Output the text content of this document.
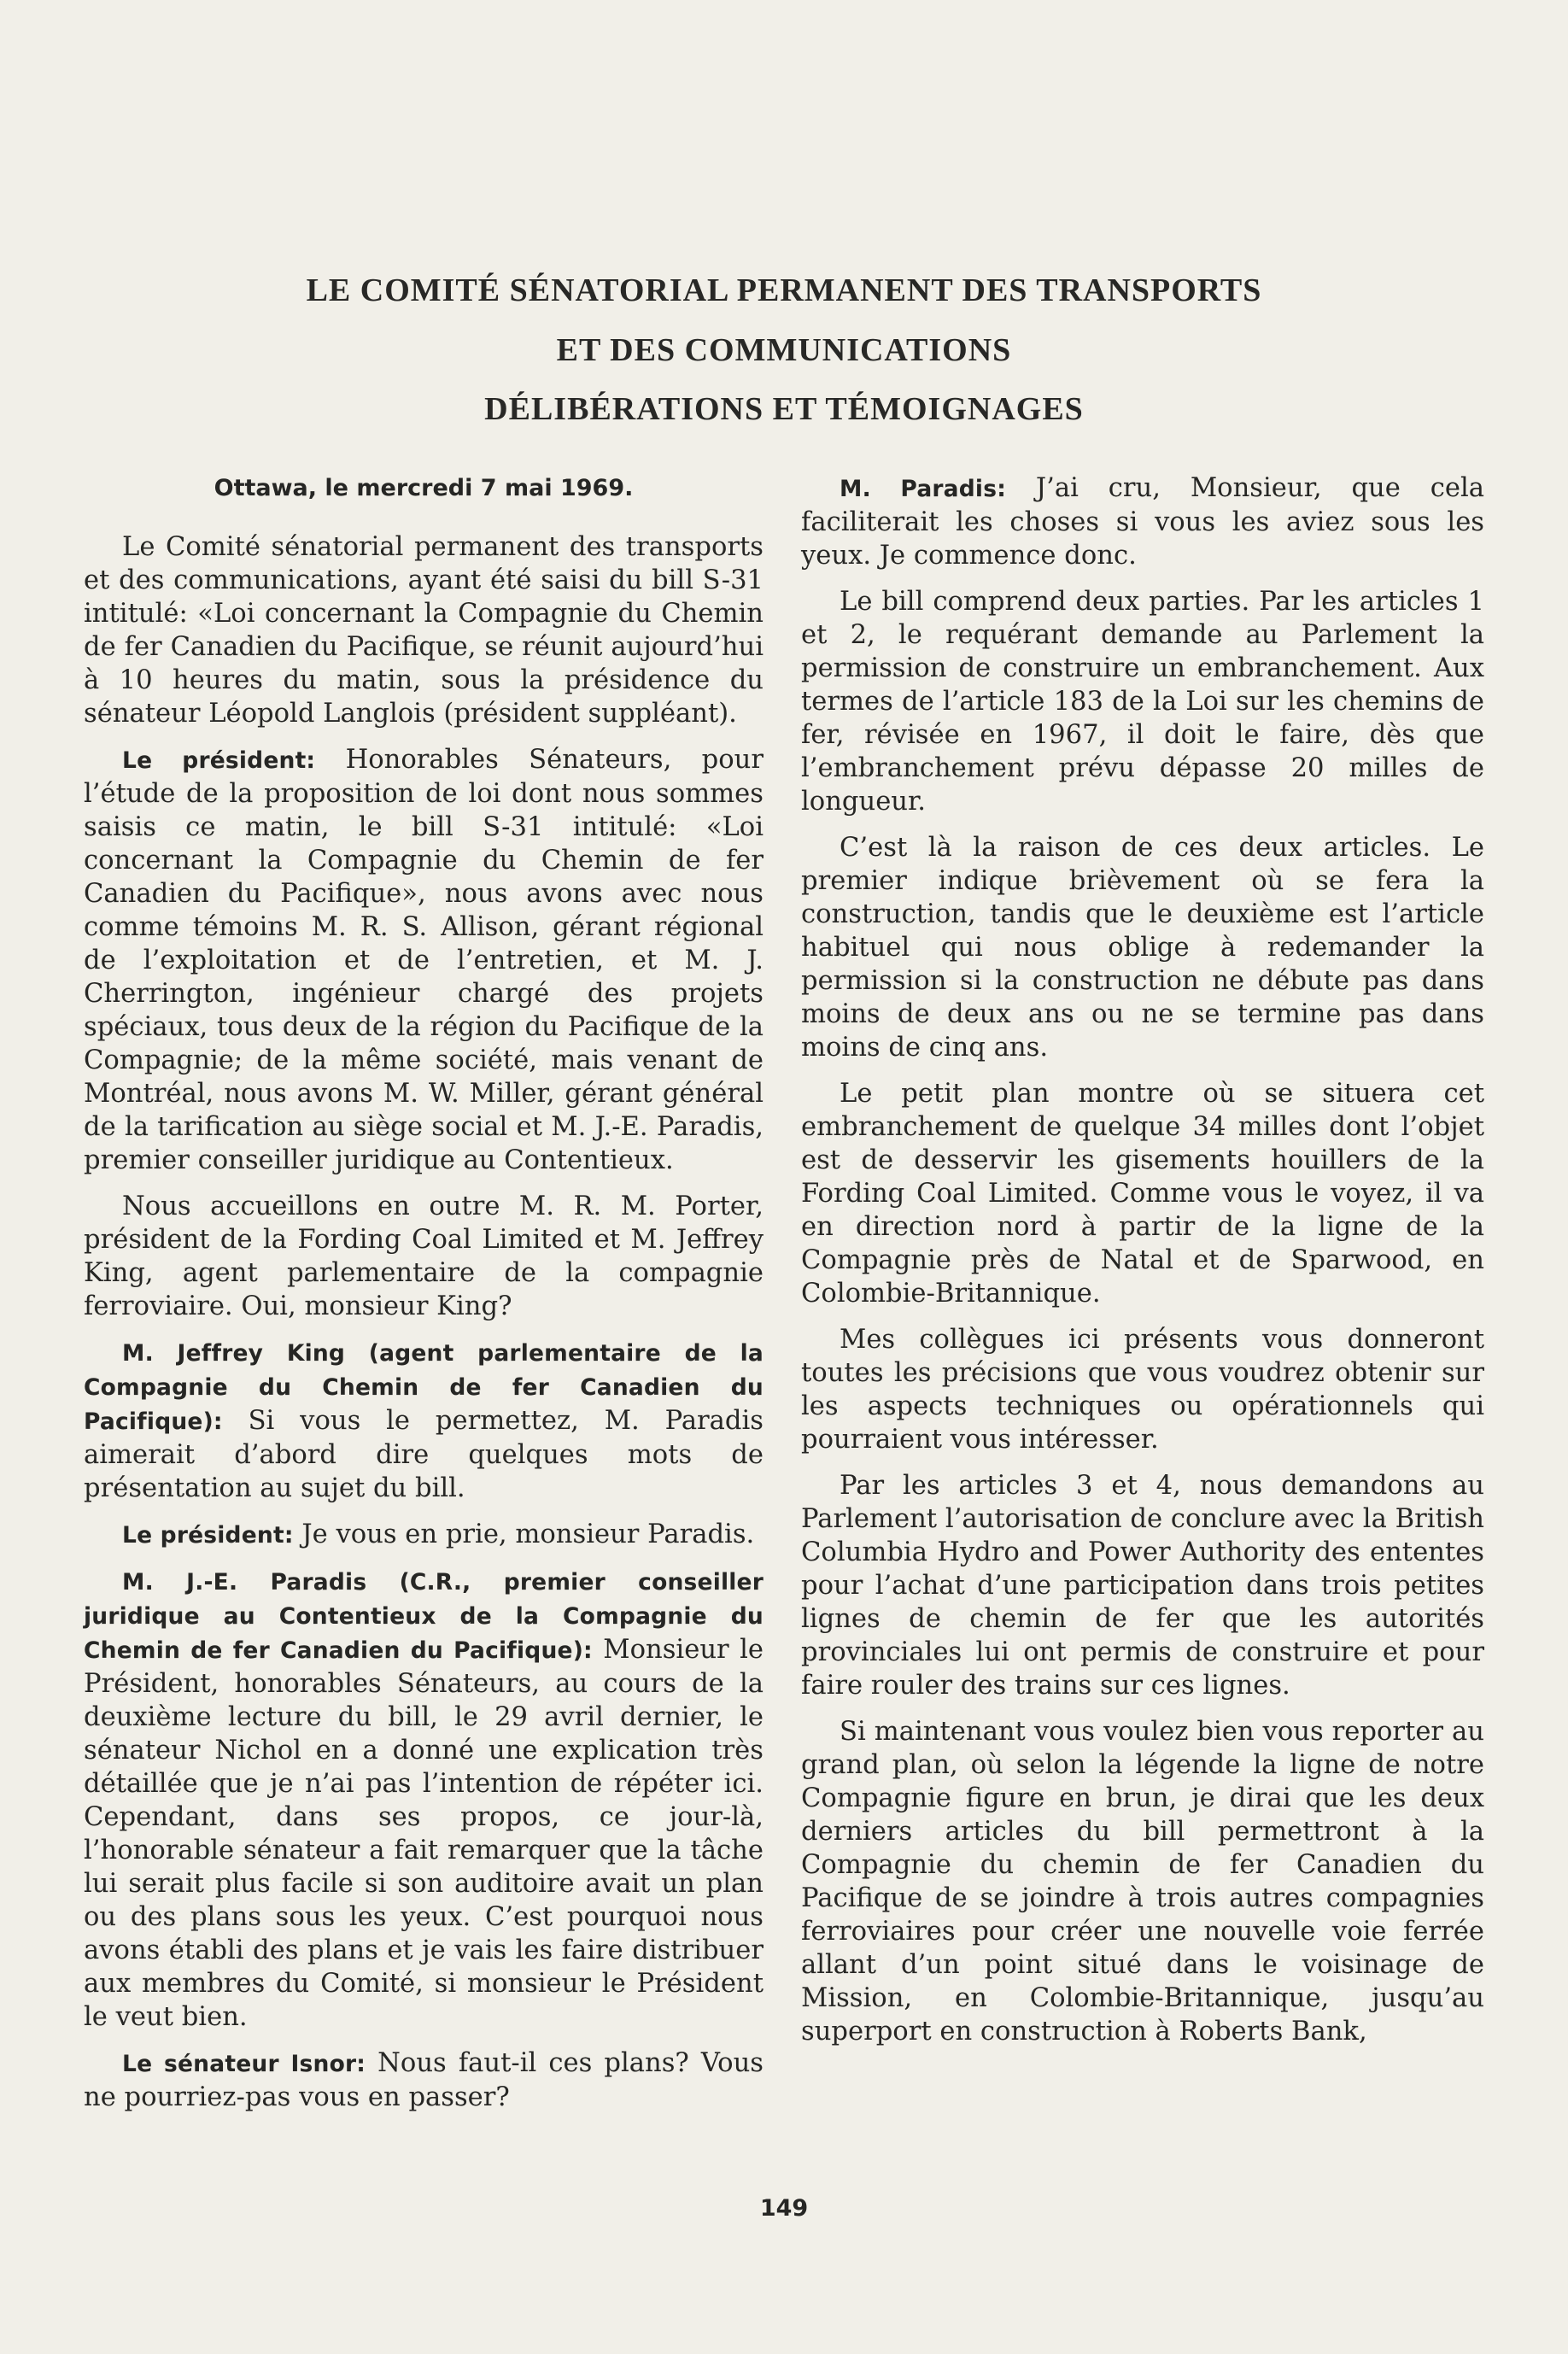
LE COMITÉ SÉNATORIAL PERMANENT DES TRANSPORTS
ET DES COMMUNICATIONS
DÉLIBÉRATIONS ET TÉMOIGNAGES

Ottawa, le mercredi 7 mai 1969.

Le Comité sénatorial permanent des transports et des communications, ayant été saisi du bill S-31 intitulé: «Loi concernant la Compagnie du Chemin de fer Canadien du Pacifique, se réunit aujourd’hui à 10 heures du matin, sous la présidence du sénateur Léopold Langlois (président suppléant).

Le président: Honorables Sénateurs, pour l’étude de la proposition de loi dont nous sommes saisis ce matin, le bill S-31 intitulé: «Loi concernant la Compagnie du Chemin de fer Canadien du Pacifique», nous avons avec nous comme témoins M. R. S. Allison, gérant régional de l’exploitation et de l’entretien, et M. J. Cherrington, ingénieur chargé des projets spéciaux, tous deux de la région du Pacifique de la Compagnie; de la même société, mais venant de Montréal, nous avons M. W. Miller, gérant général de la tarification au siège social et M. J.-E. Paradis, premier conseiller juridique au Contentieux.

Nous accueillons en outre M. R. M. Porter, président de la Fording Coal Limited et M. Jeffrey King, agent parlementaire de la compagnie ferroviaire. Oui, monsieur King?

M. Jeffrey King (agent parlementaire de la Compagnie du Chemin de fer Canadien du Pacifique): Si vous le permettez, M. Paradis aimerait d’abord dire quelques mots de présentation au sujet du bill.

Le président: Je vous en prie, monsieur Paradis.

M. J.-E. Paradis (C.R., premier conseiller juridique au Contentieux de la Compagnie du Chemin de fer Canadien du Pacifique): Monsieur le Président, honorables Sénateurs, au cours de la deuxième lecture du bill, le 29 avril dernier, le sénateur Nichol en a donné une explication très détaillée que je n’ai pas l’intention de répéter ici. Cependant, dans ses propos, ce jour-là, l’honorable sénateur a fait remarquer que la tâche lui serait plus facile si son auditoire avait un plan ou des plans sous les yeux. C’est pourquoi nous avons établi des plans et je vais les faire distribuer aux membres du Comité, si monsieur le Président le veut bien.

Le sénateur Isnor: Nous faut-il ces plans? Vous ne pourriez-pas vous en passer?

M. Paradis: J’ai cru, Monsieur, que cela faciliterait les choses si vous les aviez sous les yeux. Je commence donc.

Le bill comprend deux parties. Par les articles 1 et 2, le requérant demande au Parlement la permission de construire un embranchement. Aux termes de l’article 183 de la Loi sur les chemins de fer, révisée en 1967, il doit le faire, dès que l’embranchement prévu dépasse 20 milles de longueur.

C’est là la raison de ces deux articles. Le premier indique brièvement où se fera la construction, tandis que le deuxième est l’article habituel qui nous oblige à redemander la permission si la construction ne débute pas dans moins de deux ans ou ne se termine pas dans moins de cinq ans.

Le petit plan montre où se situera cet embranchement de quelque 34 milles dont l’objet est de desservir les gisements houillers de la Fording Coal Limited. Comme vous le voyez, il va en direction nord à partir de la ligne de la Compagnie près de Natal et de Sparwood, en Colombie-Britannique.

Mes collègues ici présents vous donneront toutes les précisions que vous voudrez obtenir sur les aspects techniques ou opérationnels qui pourraient vous intéresser.

Par les articles 3 et 4, nous demandons au Parlement l’autorisation de conclure avec la British Columbia Hydro and Power Authority des ententes pour l’achat d’une participation dans trois petites lignes de chemin de fer que les autorités provinciales lui ont permis de construire et pour faire rouler des trains sur ces lignes.

Si maintenant vous voulez bien vous reporter au grand plan, où selon la légende la ligne de notre Compagnie figure en brun, je dirai que les deux derniers articles du bill permettront à la Compagnie du chemin de fer Canadien du Pacifique de se joindre à trois autres compagnies ferroviaires pour créer une nouvelle voie ferrée allant d’un point situé dans le voisinage de Mission, en Colombie-Britannique, jusqu’au superport en construction à Roberts Bank,

149
